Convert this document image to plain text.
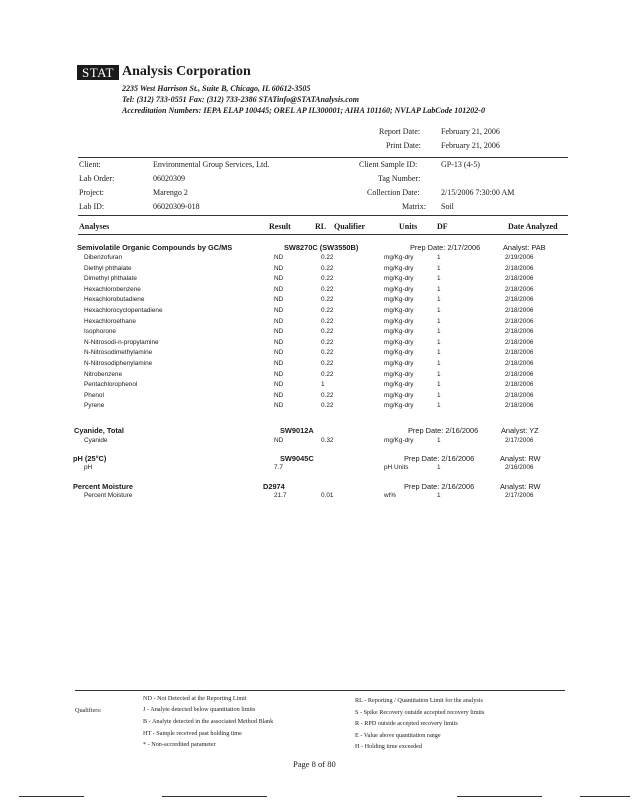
STAT Analysis Corporation
2235 West Harrison St., Suite B, Chicago, IL 60612-3505
Tel: (312) 733-0551 Fax: (312) 733-2386 STATinfo@STATAnalysis.com
Accreditation Numbers: IEPA ELAP 100445; OREL AP IL300001; AIHA 101160; NVLAP LabCode 101202-0
Report Date:	February 21, 2006
Print Date:	February 21, 2006
Client:	Environmental Group Services, Ltd.
Lab Order:	06020309
Project:	Marengo 2
Lab ID:	06020309-018
Client Sample ID:	GP-13 (4-5)
Tag Number:
Collection Date:	2/15/2006 7:30:00 AM
Matrix: Soil
Analyses	Result	RL Qualifier	Units DF	Date Analyzed
Semivolatile Organic Compounds by GC/MS	SW8270C (SW3550B)	Prep Date: 2/17/2006	Analyst: PAB
Dibenzofuran	ND	0.22	mg/Kg-dry	1	2/19/2006
Diethyl phthalate	ND	0.22	mg/Kg-dry	1	2/18/2006
Dimethyl phthalate	ND	0.22	mg/Kg-dry	1	2/18/2006
Hexachlorobenzene	ND	0.22	mg/Kg-dry	1	2/18/2006
Hexachlorobutadiene	ND	0.22	mg/Kg-dry	1	2/18/2006
Hexachlorocyclopentadiene	ND	0.22	mg/Kg-dry	1	2/18/2006
Hexachloroethane	ND	0.22	mg/Kg-dry	1	2/18/2006
Isophorone	ND	0.22	mg/Kg-dry	1	2/18/2006
N-Nitrosodi-n-propylamine	ND	0.22	mg/Kg-dry	1	2/18/2006
N-Nitrosodimethylamine	ND	0.22	mg/Kg-dry	1	2/18/2006
N-Nitrosodiphenylamine	ND	0.22	mg/Kg-dry	1	2/18/2006
Nitrobenzene	ND	0.22	mg/Kg-dry	1	2/18/2006
Pentachlorophenol	ND	1	mg/Kg-dry	1	2/18/2006
Phenol	ND	0.22	mg/Kg-dry	1	2/18/2006
Pyrene	ND	0.22	mg/Kg-dry	1	2/18/2006
Cyanide, Total	SW9012A	Prep Date: 2/16/2006	Analyst: YZ
Cyanide	ND	0.32	mg/Kg-dry	1	2/17/2006
pH (25°C)	SW9045C	Prep Date: 2/16/2006	Analyst: RW
pH	7.7	pH Units	1	2/16/2006
Percent Moisture	D2974	Prep Date: 2/16/2006	Analyst: RW
Percent Moisture	21.7	0.01	wt%	1	2/17/2006
Qualifiers:
ND - Not Detected at the Reporting Limit
J - Analyte detected below quantitation limits
B - Analyte detected in the associated Method Blank
HT - Sample received past holding time
* - Non-accredited parameter
RL - Reporting / Quantitation Limit for the analysis
S - Spike Recovery outside accepted recovery limits
R - RPD outside accepted recovery limits
E - Value above quantitation range
H - Holding time exceeded
Page 8 of 80
